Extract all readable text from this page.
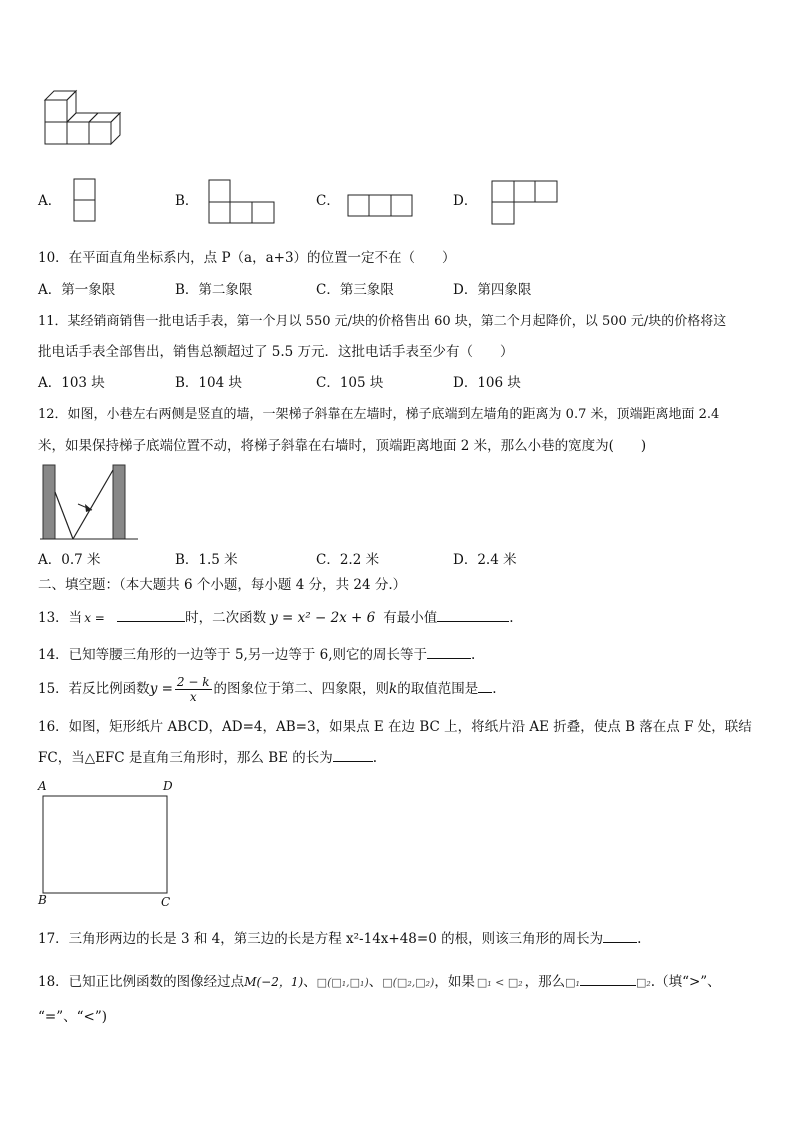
A．	B．	C．	D．
10．在平面直角坐标系内，点 P（a，a+3）的位置一定不在（　　）
A．第一象限	B．第二象限	C．第三象限	D．第四象限
11．某经销商销售一批电话手表，第一个月以 550 元/块的价格售出 60 块，第二个月起降价，以 500 元/块的价格将这
批电话手表全部售出，销售总额超过了 5.5 万元．这批电话手表至少有（　　）
A．103 块	B．104 块	C．105 块	D．106 块
12．如图，小巷左右两侧是竖直的墙，一架梯子斜靠在左墙时，梯子底端到左墙角的距离为 0.7 米，顶端距离地面 2.4
米，如果保持梯子底端位置不动，将梯子斜靠在右墙时，顶端距离地面 2 米，那么小巷的宽度为(　　)
A．0.7 米	B．1.5 米	C．2.2 米	D．2.4 米
二、填空题：（本大题共 6 个小题，每小题 4 分，共 24 分.）
13．当 x =	时，二次函数 y = x² − 2x + 6 有最小值	.
14．已知等腰三角形的一边等于 5,另一边等于 6,则它的周长等于	.
15．若反比例函数$y = \frac{2 - k}{x}$ 的图象位于第二、四象限，则k的取值范围是 .
16．如图，矩形纸片 ABCD，AD=4，AB=3，如果点 E 在边 BC 上，将纸片沿 AE 折叠，使点 B 落在点 F 处，联结
FC，当△EFC 是直角三角形时，那么 BE 的长为	.
A	D
B	C
17．三角形两边的长是 3 和 4，第三边的长是方程 x²-14x+48=0 的根，则该三角形的周长为	.
18．已知正比例函数的图像经过点M(−2，1)、□(□₁,□₁)、□(□₂,□₂)，如果 □₁ < □₂ ，那么□₁	□₂.（填“>”、
“=”、“<”)
